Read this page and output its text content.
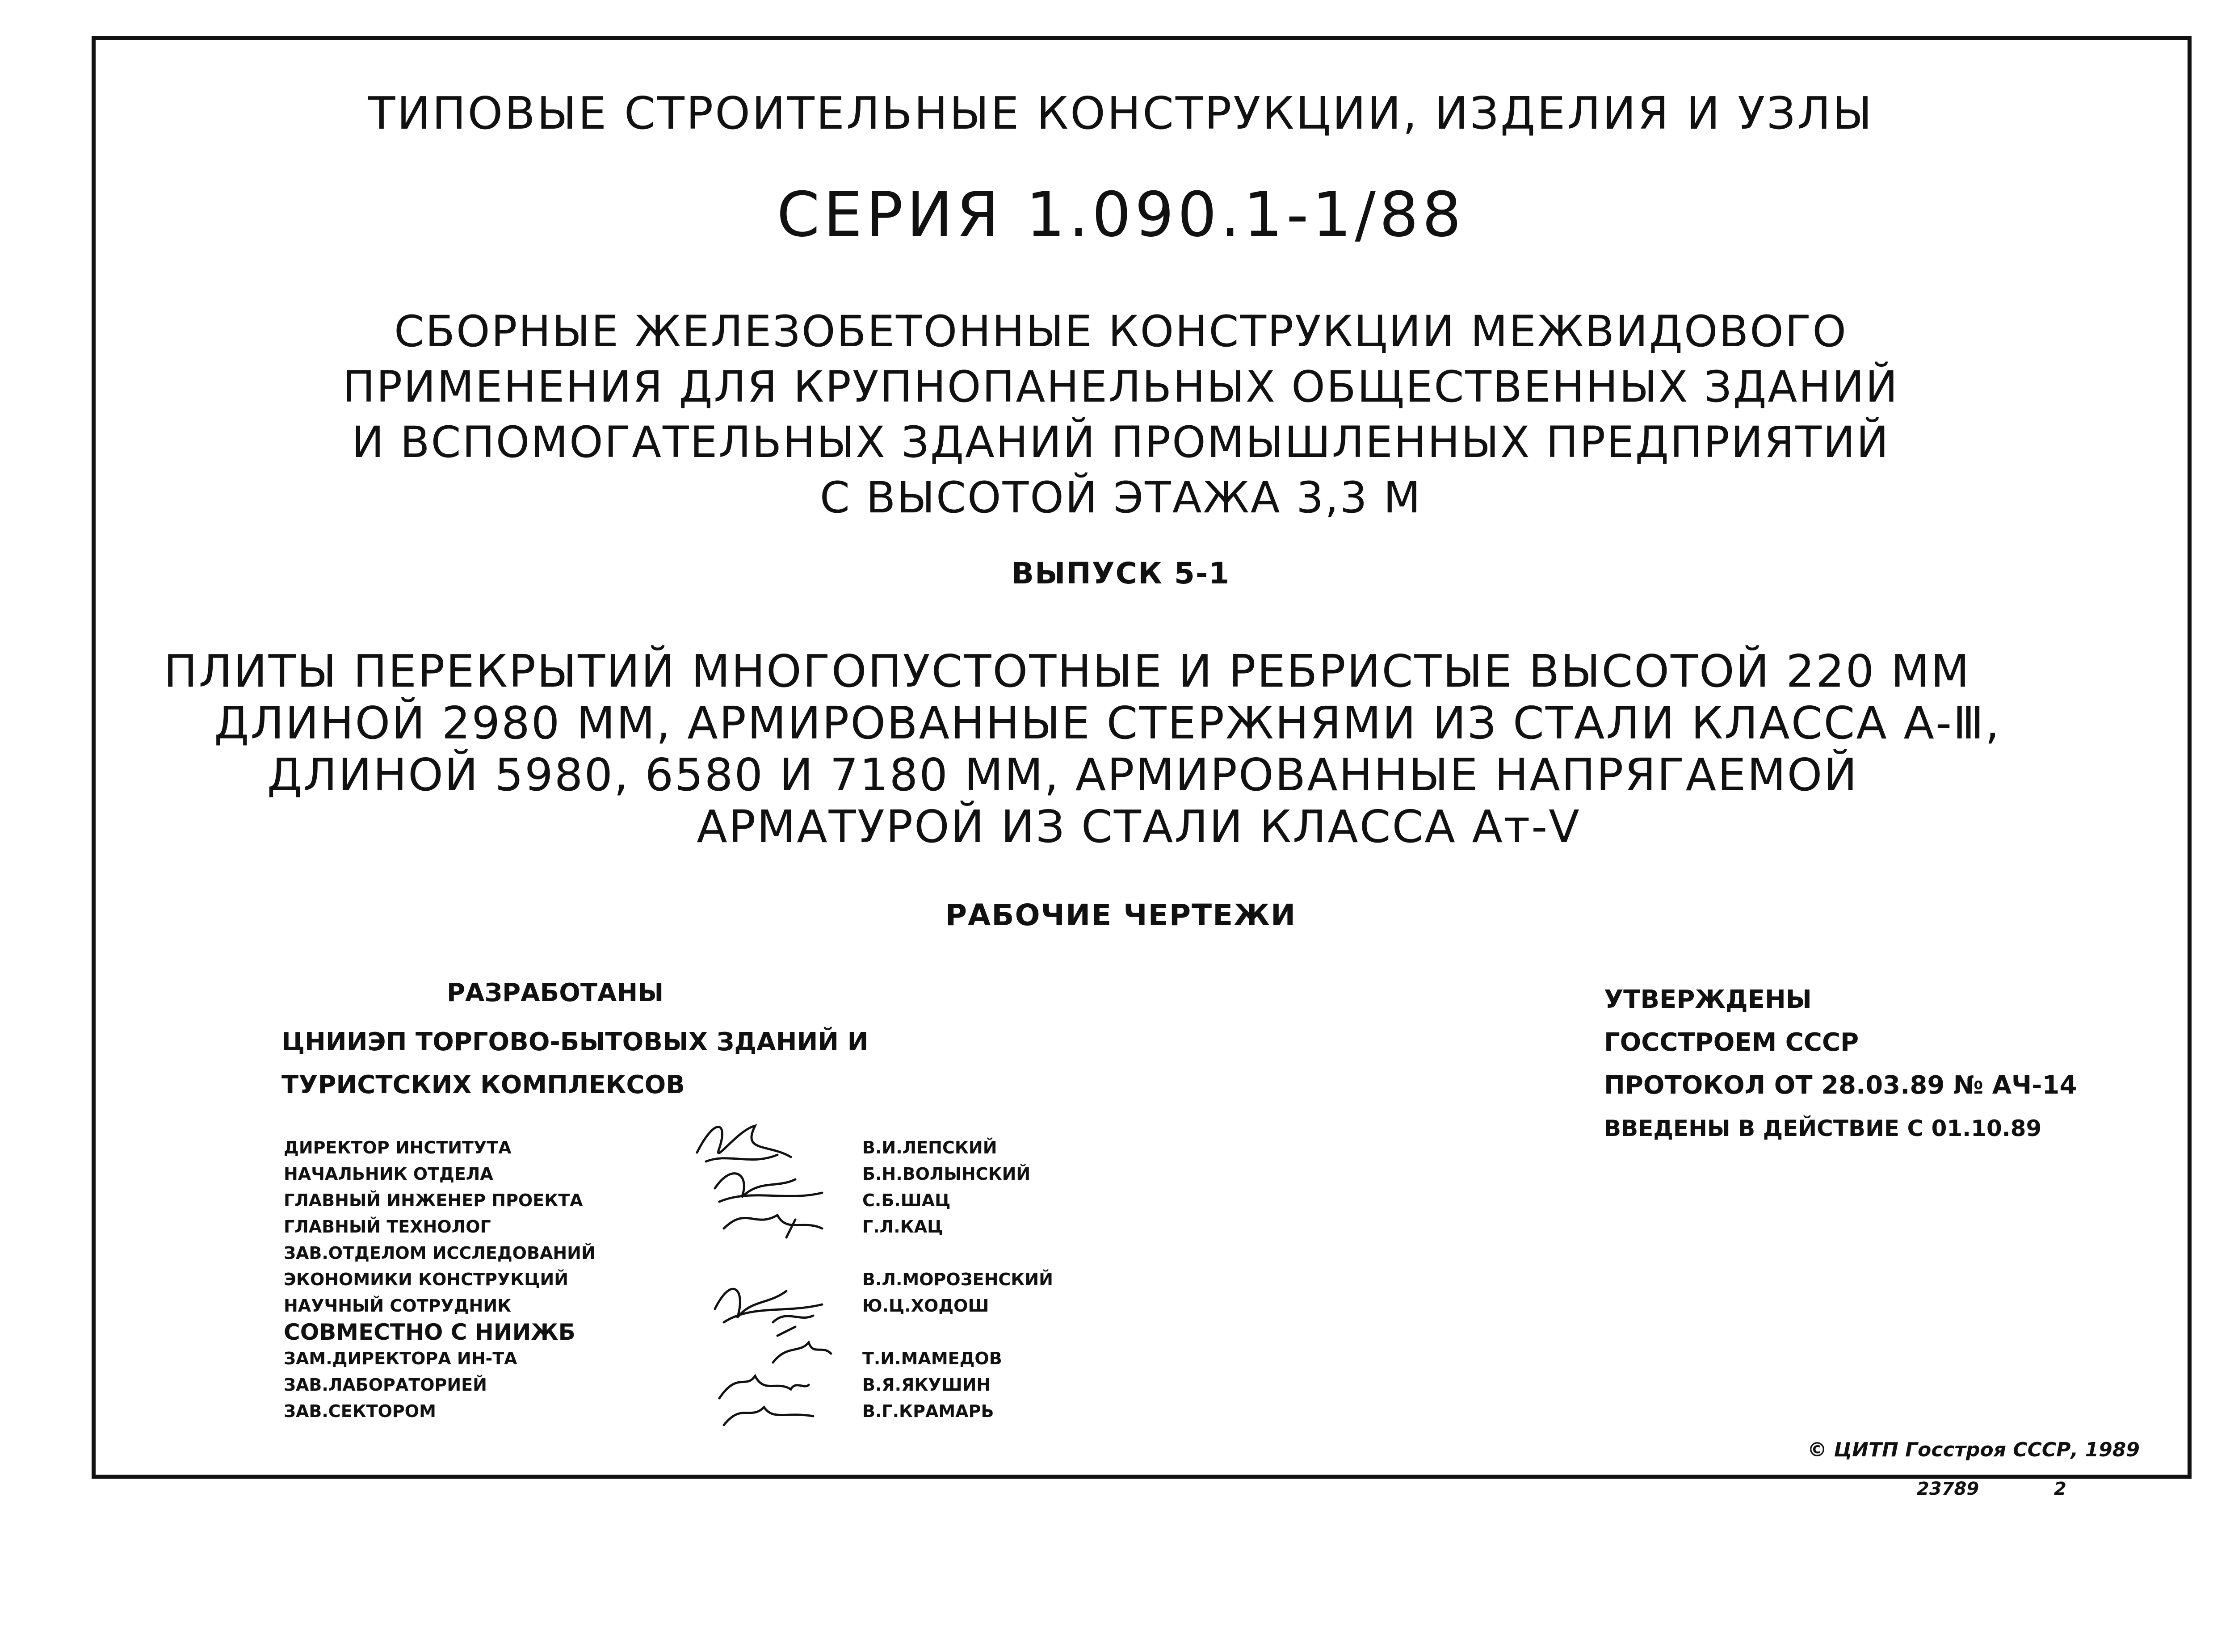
ТИПОВЫЕ СТРОИТЕЛЬНЫЕ КОНСТРУКЦИИ, ИЗДЕЛИЯ И УЗЛЫ
СЕРИЯ 1.090.1-1/88
СБОРНЫЕ ЖЕЛЕЗОБЕТОННЫЕ КОНСТРУКЦИИ МЕЖВИДОВОГО
ПРИМЕНЕНИЯ ДЛЯ КРУПНОПАНЕЛЬНЫХ ОБЩЕСТВЕННЫХ ЗДАНИЙ
И ВСПОМОГАТЕЛЬНЫХ ЗДАНИЙ ПРОМЫШЛЕННЫХ ПРЕДПРИЯТИЙ
С ВЫСОТОЙ ЭТАЖА 3,3 М
ВЫПУСК 5-1
ПЛИТЫ ПЕРЕКРЫТИЙ МНОГОПУСТОТНЫЕ И РЕБРИСТЫЕ ВЫСОТОЙ 220 ММ
ДЛИНОЙ 2980 ММ, АРМИРОВАННЫЕ СТЕРЖНЯМИ ИЗ СТАЛИ КЛАССА А-Ⅲ,
ДЛИНОЙ 5980, 6580 И 7180 ММ, АРМИРОВАННЫЕ НАПРЯГАЕМОЙ
АРМАТУРОЙ ИЗ СТАЛИ КЛАССА Ат-Ⅴ
РАБОЧИЕ ЧЕРТЕЖИ
РАЗРАБОТАНЫ
ЦНИИЭП ТОРГОВО-БЫТОВЫХ ЗДАНИЙ И
ТУРИСТСКИХ КОМПЛЕКСОВ
ДИРЕКТОР ИНСТИТУТА
НАЧАЛЬНИК ОТДЕЛА
ГЛАВНЫЙ ИНЖЕНЕР ПРОЕКТА
ГЛАВНЫЙ ТЕХНОЛОГ
ЗАВ.ОТДЕЛОМ ИССЛЕДОВАНИЙ
ЭКОНОМИКИ КОНСТРУКЦИЙ
НАУЧНЫЙ СОТРУДНИК
СОВМЕСТНО С НИИЖБ
ЗАМ.ДИРЕКТОРА ИН-ТА
ЗАВ.ЛАБОРАТОРИЕЙ
ЗАВ.СЕКТОРОМ
В.И.ЛЕПСКИЙ
Б.Н.ВОЛЫНСКИЙ
С.Б.ШАЦ
Г.Л.КАЦ

В.Л.МОРОЗЕНСКИЙ
Ю.Ц.ХОДОШ

Т.И.МАМЕДОВ
В.Я.ЯКУШИН
В.Г.КРАМАРЬ
УТВЕРЖДЕНЫ
ГОССТРОЕМ СССР
ПРОТОКОЛ ОТ 28.03.89 № АЧ-14
ВВЕДЕНЫ В ДЕЙСТВИЕ С 01.10.89
© ЦИТП Госстроя СССР, 1989
23789	2
